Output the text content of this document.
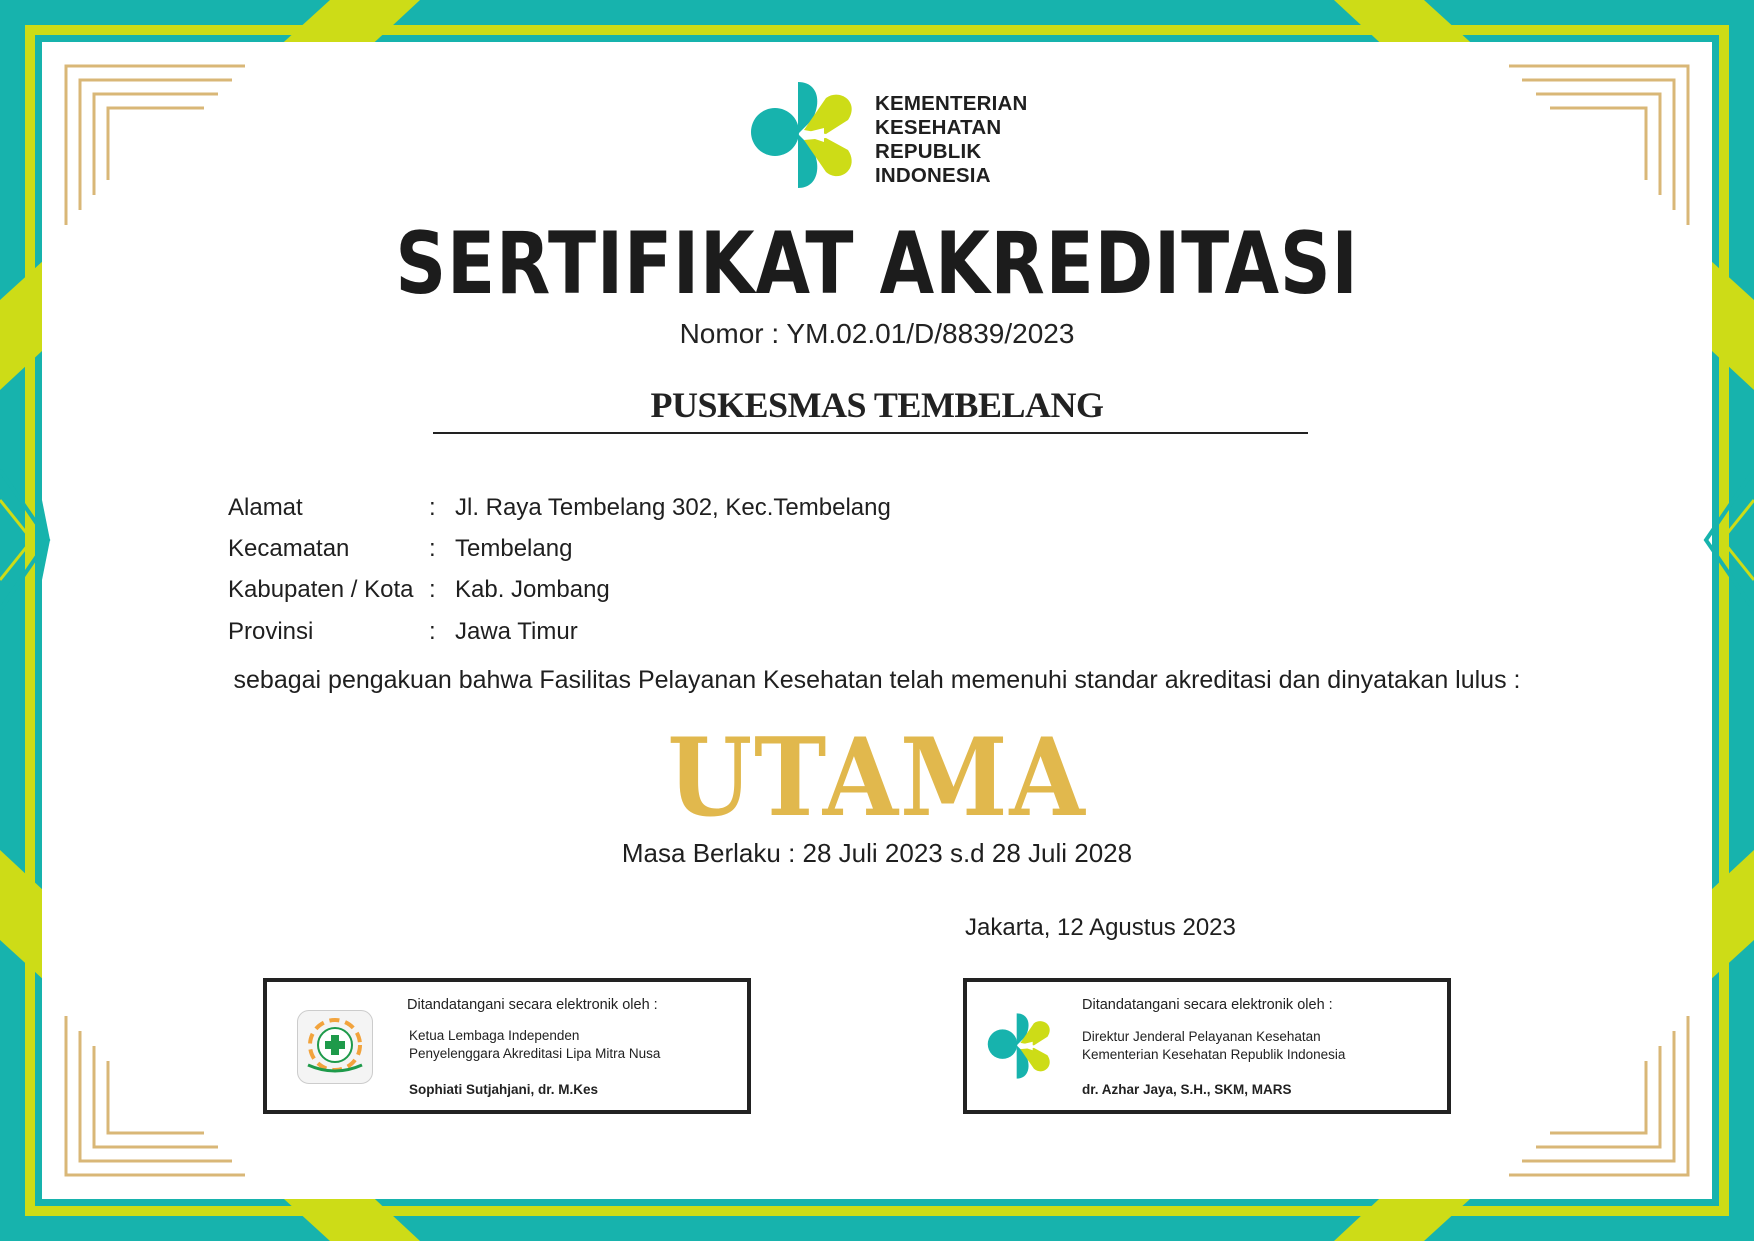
KEMENTERIAN
KESEHATAN
REPUBLIK
INDONESIA
SERTIFIKAT AKREDITASI
Nomor : YM.02.01/D/8839/2023
PUSKESMAS TEMBELANG
Alamat	: Jl. Raya Tembelang 302, Kec.Tembelang
Kecamatan	: Tembelang
Kabupaten / Kota : Kab. Jombang
Provinsi	: Jawa Timur
sebagai pengakuan bahwa Fasilitas Pelayanan Kesehatan telah memenuhi standar akreditasi dan dinyatakan lulus :
UTAMA
Masa Berlaku : 28 Juli 2023 s.d 28 Juli 2028
Jakarta, 12 Agustus 2023
Ditandatangani secara elektronik oleh :
Ketua Lembaga Independen
Penyelenggara Akreditasi Lipa Mitra Nusa
Sophiati Sutjahjani, dr. M.Kes
Ditandatangani secara elektronik oleh :
Direktur Jenderal Pelayanan Kesehatan
Kementerian Kesehatan Republik Indonesia
dr. Azhar Jaya, S.H., SKM, MARS
